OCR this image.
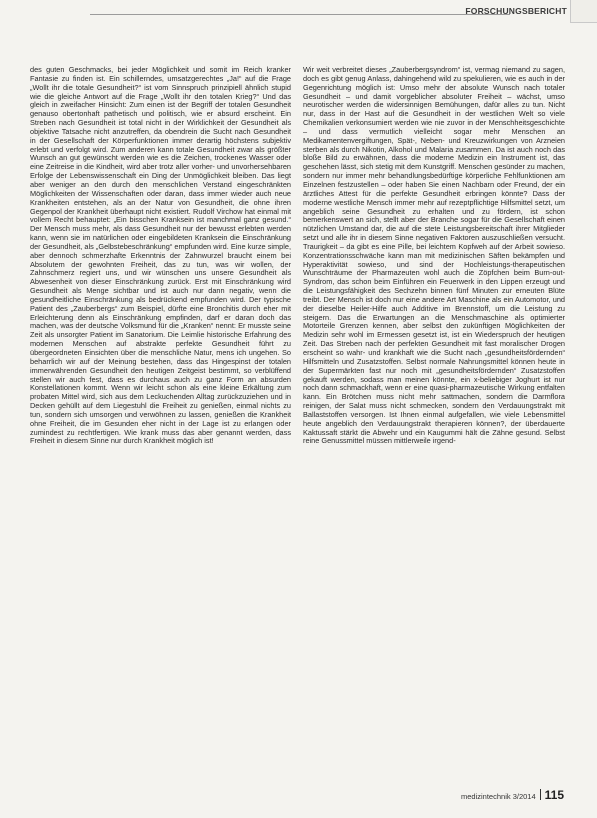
FORSCHUNGSBERICHT

des guten Geschmacks, bei jeder Möglichkeit und somit im Reich kranker Fantasie zu finden ist. Ein schillerndes, umsatzgerechtes „Ja!“ auf die Frage „Wollt ihr die totale Gesundheit?“ ist vom Sinnspruch prinzipiell ähnlich stupid wie die gleiche Antwort auf die Frage „Wollt ihr den totalen Krieg?“ Und das gleich in zweifacher Hinsicht: Zum einen ist der Begriff der totalen Gesundheit genauso obertonhaft pathetisch und politisch, wie er absurd erscheint. Ein Streben nach Gesundheit ist total nicht in der Wirklichkeit der Gesundheit als objektive Tatsache nicht anzutreffen, da obendrein die Sucht nach Gesundheit in der Gesellschaft der Körperfunktionen immer derartig höchstens subjektiv erlebt und verfolgt wird. Zum anderen kann totale Gesundheit zwar als größter Wunsch an gut gewünscht werden wie es die Zeichen, trockenes Wasser oder eine Zeitreise in die Kindheit, wird aber trotz aller vorher- und unvorhersehbaren Erfolge der Lebenswissenschaft ein Ding der Unmöglichkeit bleiben. Das liegt aber weniger an den durch den menschlichen Verstand eingeschränkten Möglichkeiten der Wissenschaften oder daran, dass immer wieder auch neue Krankheiten entstehen, als an der Natur von Gesundheit, die ohne ihren Gegenpol der Krankheit überhaupt nicht existiert. Rudolf Virchow hat einmal mit vollem Recht behauptet: „Ein bisschen Kranksein ist manchmal ganz gesund.“ Der Mensch muss mehr, als dass Gesundheit nur der bewusst erlebten werden kann, wenn sie im natürlichen oder eingebildeten Kranksein die Einschränkung der Gesundheit, als „Gelbstebeschränkung“ empfunden wird. Eine kurze simple, aber dennoch schmerzhafte Erkenntnis der Zahnwurzel braucht einem bei Absolutem der gewohnten Freiheit, das zu tun, was wir wollen, der Zahnschmerz regiert uns, und wir wünschen uns unsere Gesundheit als Abwesenheit von dieser Einschränkung zurück. Erst mit Einschränkung wird Gesundheit als Menge sichtbar und ist auch nur dann negativ, wenn die gesundheitliche Einschränkung als bedrückend empfunden wird. Der typische Patient des „Zauberbergs“ zum Beispiel, dürfte eine Bronchitis durch eher mit Erleichterung denn als Einschränkung empfinden, darf er daran doch das machen, was der deutsche Volksmund für die „Kranken“ nennt: Er musste seine Zeit als unsorgter Patient im Sanatorium. Die Leimlie historische Erfahrung des modernen Menschen auf abstrakte perfekte Gesundheit führt zu übergeordneten Einsichten über die menschliche Natur, mens ich ungehen. So beharrlich wir auf der Meinung bestehen, dass das Hingespinst der totalen immerwährenden Gesundheit den heutigen Zeitgeist bestimmt, so verblüffend stellen wir auch fest, dass es durchaus auch zu ganz Form an absurden Konstellationen kommt. Wenn wir leicht schon als eine kleine Erkältung zum probaten Mittel wird, sich aus dem Leckuchenden Alltag zurückzuziehen und in Decken gehüllt auf dem Liegestuhl die Freiheit zu genießen, einmal nichts zu tun, sondern sich umsorgen und verwöhnen zu lassen, genießen die Krankheit ohne Freiheit, die im Gesunden eher nicht in der Lage ist zu erlangen oder zumindest zu rechtfertigen. Wie krank muss das aber genannt werden, dass Freiheit in diesem Sinne nur durch Krankheit möglich ist!

Wir weit verbreitet dieses „Zauberbergsyndrom“ ist, vermag niemand zu sagen, doch es gibt genug Anlass, dahingehend wild zu spekulieren, wie es auch in der Gegenrichtung möglich ist: Umso mehr der absolute Wunsch nach totaler Gesundheit – und damit vorgeblicher absoluter Freiheit – wächst, umso neurotischer werden die widersinnigen Bemühungen, dafür alles zu tun. Nicht nur, dass in der Hast auf die Gesundheit in der westlichen Welt so viele Chemikalien verkonsumiert werden wie nie zuvor in der Menschheitsgeschichte – und dass vermutlich vielleicht sogar mehr Menschen an Medikamentenvergiftungen, Spät-, Neben- und Kreuzwirkungen von Arzneien sterben als durch Nikotin, Alkohol und Malaria zusammen. Da ist auch noch das bloße Bild zu erwähnen, dass die moderne Medizin ein Instrument ist, das geschehen lässt, sich stetig mit dem Kunstgriff. Menschen gesünder zu machen, sondern nur immer mehr behandlungsbedürftige körperliche Fehlfunktionen am Einzelnen festzustellen – oder haben Sie einen Nachbarn oder Freund, der ein ärztliches Attest für die perfekte Gesundheit erbringen könnte? Dass der moderne westliche Mensch immer mehr auf rezeptpflichtige Hilfsmittel setzt, um angeblich seine Gesundheit zu erhalten und zu fördern, ist schon bemerkenswert an sich, stellt aber der Branche sogar für die Gesellschaft einen nützlichen Umstand dar, die auf die stete Leistungsbereitschaft ihrer Mitglieder setzt und alle ihr in diesem Sinne negativen Faktoren auszuschließen versucht. Traurigkeit – da gibt es eine Pille, bei leichtem Kopfweh auf der Arbeit sowieso. Konzentrationsschwäche kann man mit medizinischen Säften bekämpfen und Hyperaktivität sowieso, und sind der Hochleistungs-therapeutischen Wunschträume der Pharmazeuten wohl auch die Zöpfchen beim Burn-out-Syndrom, das schon beim Einführen ein Feuerwerk in den Lippen erzeugt und die Leistungsfähigkeit des Sechzehn binnen fünf Minuten zur erneuten Blüte treibt. Der Mensch ist doch nur eine andere Art Maschine als ein Automotor, und der dieselbe Heiler-Hilfe auch Additive im Brennstoff, um die Leistung zu steigern. Das die Erwartungen an die Menschmaschine als optimierter Motorteile Grenzen kennen, aber selbst den zukünftigen Möglichkeiten der Medizin sehr wohl im Ermessen gesetzt ist, ist ein Wiederspruch der heutigen Zeit. Das Streben nach der perfekten Gesundheit mit fast moralischer Drogen erscheint so wahr- und krankhaft wie die Sucht nach „gesundheitsfördernden“ Hilfsmitteln und Zusatzstoffen. Selbst normale Nahrungsmittel können heute in der Supermärkten fast nur noch mit „gesundheitsfördernden“ Zusatzstoffen gekauft werden, sodass man meinen könnte, ein x-beliebiger Joghurt ist nur noch dann schmackhaft, wenn er eine quasi-pharmazeutische Wirkung entfalten kann. Ein Brötchen muss nicht mehr sattmachen, sondern die Darmflora reinigen, der Salat muss nicht schmecken, sondern den Verdauungstrakt mit Ballaststoffen versorgen. Ist Ihnen einmal aufgefallen, wie viele Lebensmittel heute angeblich den Verdauungstrakt therapieren können?, der überdauerte Kaktussaft stärkt die Abwehr und ein Kaugummi hält die Zähne gesund. Selbst reine Genussmittel müssen mittlerweile irgend-

medizintechnik 3/2014 115
